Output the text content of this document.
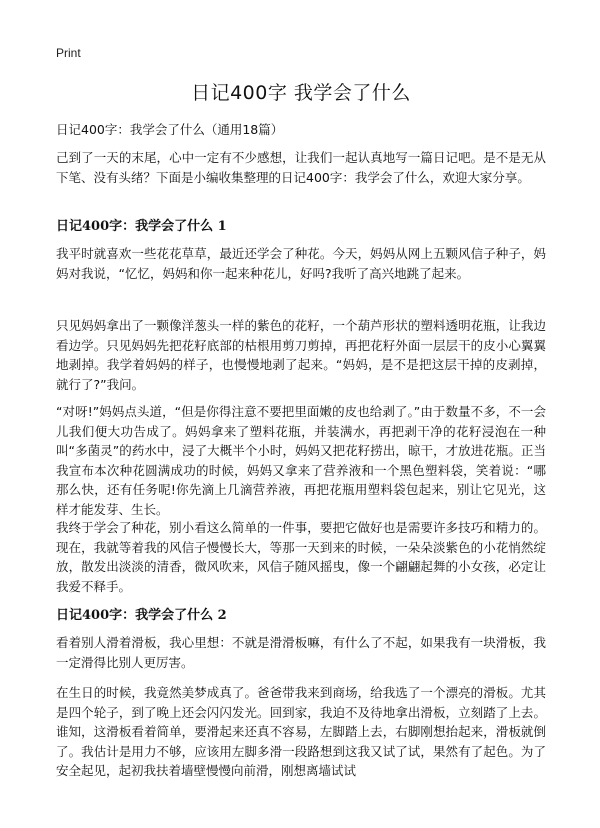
Print
日记400字 我学会了什么
日记400字：我学会了什么（通用18篇）

己到了一天的末尾，心中一定有不少感想，让我们一起认真地写一篇日记吧。是不是无从下笔、没有头绪？下面是小编收集整理的日记400字：我学会了什么，欢迎大家分享。

日记400字：我学会了什么 1

我平时就喜欢一些花花草草，最近还学会了种花。今天，妈妈从网上五颗风信子种子，妈妈对我说，“忆忆，妈妈和你一起来种花儿，好吗?我听了高兴地跳了起来。

只见妈妈拿出了一颗像洋葱头一样的紫色的花籽，一个葫芦形状的塑料透明花瓶，让我边看边学。只见妈妈先把花籽底部的枯根用剪刀剪掉，再把花籽外面一层层干的皮小心翼翼地剥掉。我学着妈妈的样子，也慢慢地剥了起来。“妈妈，是不是把这层干掉的皮剥掉，就行了?”我问。

“对呀!”妈妈点头道，“但是你得注意不要把里面嫩的皮也给剥了。”由于数量不多，不一会儿我们便大功告成了。妈妈拿来了塑料花瓶，并装满水，再把剥干净的花籽浸泡在一种叫“多菌灵”的药水中，浸了大概半个小时，妈妈又把花籽捞出，晾干，才放进花瓶。正当我宣布本次种花圆满成功的时候，妈妈又拿来了营养液和一个黑色塑料袋，笑着说：“哪那么快，还有任务呢!你先滴上几滴营养液，再把花瓶用塑料袋包起来，别让它见光，这样才能发芽、生长。

我终于学会了种花，别小看这么简单的一件事，要把它做好也是需要许多技巧和精力的。现在，我就等着我的风信子慢慢长大，等那一天到来的时候，一朵朵淡紫色的小花悄然绽放，散发出淡淡的清香，微风吹来，风信子随风摇曳，像一个翩翩起舞的小女孩，必定让我爱不释手。

日记400字：我学会了什么 2

看着别人滑着滑板，我心里想：不就是滑滑板嘛，有什么了不起，如果我有一块滑板，我一定滑得比别人更厉害。

在生日的时候，我竟然美梦成真了。爸爸带我来到商场，给我选了一个漂亮的滑板。尤其是四个轮子，到了晚上还会闪闪发光。回到家，我迫不及待地拿出滑板，立刻踏了上去。谁知，这滑板看着简单，要滑起来还真不容易，左脚踏上去，右脚刚想抬起来，滑板就倒了。我估计是用力不够，应该用左脚多滑一段路想到这我又试了试，果然有了起色。为了安全起见，起初我扶着墙壁慢慢向前滑，刚想离墙试试
